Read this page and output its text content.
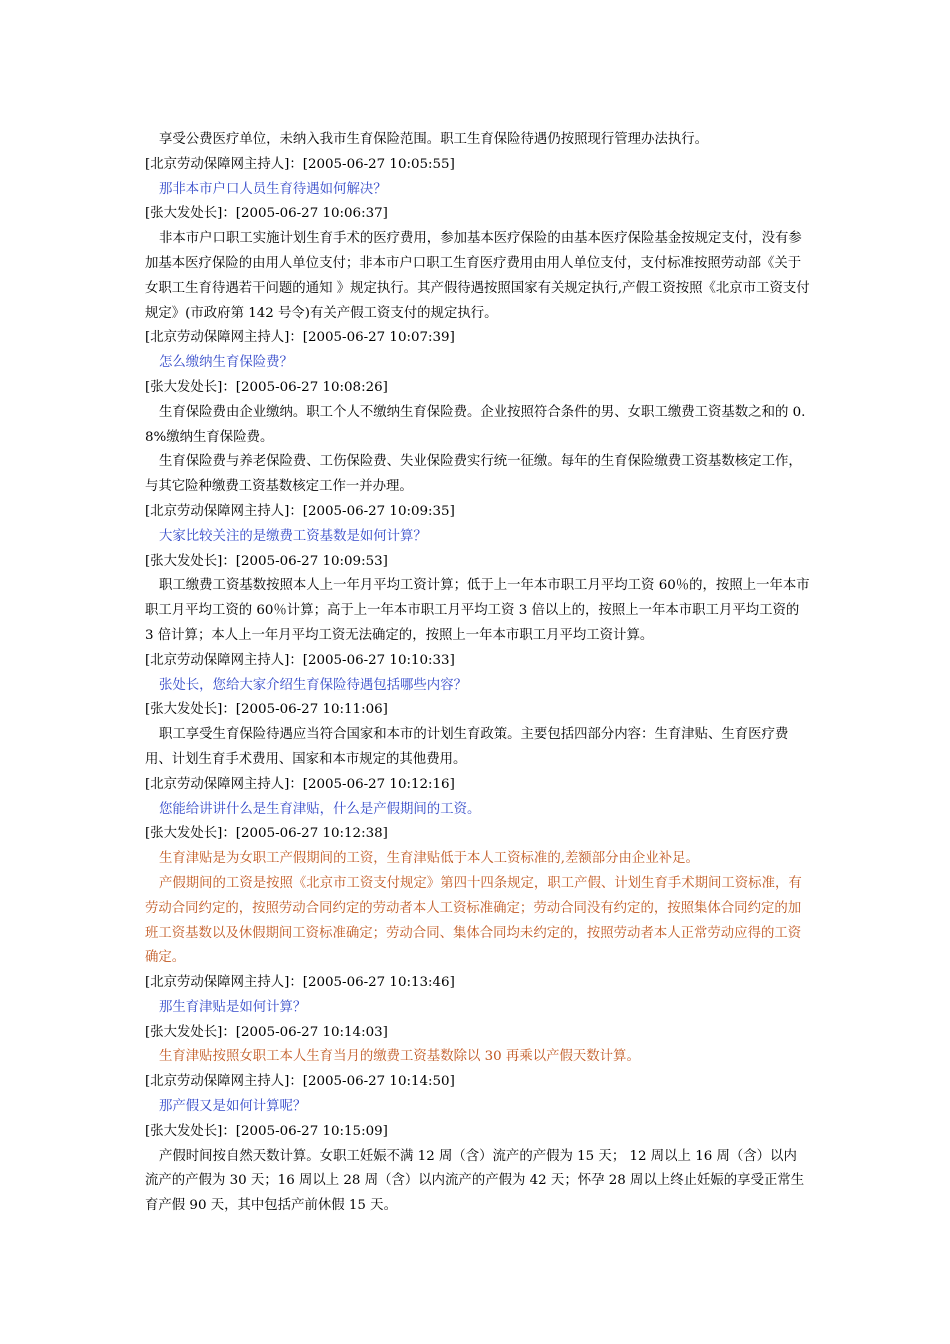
享受公费医疗单位，未纳入我市生育保险范围。职工生育保险待遇仍按照现行管理办法执行。

[北京劳动保障网主持人]：[2005-06-27 10:05:55]

那非本市户口人员生育待遇如何解决？

[张大发处长]：[2005-06-27 10:06:37]

非本市户口职工实施计划生育手术的医疗费用，参加基本医疗保险的由基本医疗保险基金按规定支付，没有参加基本医疗保险的由用人单位支付；非本市户口职工生育医疗费用由用人单位支付，支付标准按照劳动部《关于女职工生育待遇若干问题的通知 》规定执行。其产假待遇按照国家有关规定执行,产假工资按照《北京市工资支付规定》(市政府第 142 号令)有关产假工资支付的规定执行。

[北京劳动保障网主持人]：[2005-06-27 10:07:39]

怎么缴纳生育保险费？

[张大发处长]：[2005-06-27 10:08:26]

生育保险费由企业缴纳。职工个人不缴纳生育保险费。企业按照符合条件的男、女职工缴费工资基数之和的 0.8%缴纳生育保险费。

生育保险费与养老保险费、工伤保险费、失业保险费实行统一征缴。每年的生育保险缴费工资基数核定工作，与其它险种缴费工资基数核定工作一并办理。

[北京劳动保障网主持人]：[2005-06-27 10:09:35]

大家比较关注的是缴费工资基数是如何计算？

[张大发处长]：[2005-06-27 10:09:53]

职工缴费工资基数按照本人上一年月平均工资计算；低于上一年本市职工月平均工资 60％的，按照上一年本市职工月平均工资的 60％计算；高于上一年本市职工月平均工资 3 倍以上的，按照上一年本市职工月平均工资的 3 倍计算；本人上一年月平均工资无法确定的，按照上一年本市职工月平均工资计算。

[北京劳动保障网主持人]：[2005-06-27 10:10:33]

张处长，您给大家介绍生育保险待遇包括哪些内容？

[张大发处长]：[2005-06-27 10:11:06]

职工享受生育保险待遇应当符合国家和本市的计划生育政策。主要包括四部分内容：生育津贴、生育医疗费用、计划生育手术费用、国家和本市规定的其他费用。

[北京劳动保障网主持人]：[2005-06-27 10:12:16]

您能给讲讲什么是生育津贴，什么是产假期间的工资。

[张大发处长]：[2005-06-27 10:12:38]

生育津贴是为女职工产假期间的工资，生育津贴低于本人工资标准的,差额部分由企业补足。

产假期间的工资是按照《北京市工资支付规定》第四十四条规定，职工产假、计划生育手术期间工资标准，有劳动合同约定的，按照劳动合同约定的劳动者本人工资标准确定；劳动合同没有约定的，按照集体合同约定的加班工资基数以及休假期间工资标准确定；劳动合同、集体合同均未约定的，按照劳动者本人正常劳动应得的工资确定。

[北京劳动保障网主持人]：[2005-06-27 10:13:46]

那生育津贴是如何计算？

[张大发处长]：[2005-06-27 10:14:03]

生育津贴按照女职工本人生育当月的缴费工资基数除以 30 再乘以产假天数计算。

[北京劳动保障网主持人]：[2005-06-27 10:14:50]

那产假又是如何计算呢？

[张大发处长]：[2005-06-27 10:15:09]

产假时间按自然天数计算。女职工妊娠不满 12 周（含）流产的产假为 15 天； 12 周以上 16 周（含）以内流产的产假为 30 天；16 周以上 28 周（含）以内流产的产假为 42 天；怀孕 28 周以上终止妊娠的享受正常生育产假 90 天，其中包括产前休假 15 天。
